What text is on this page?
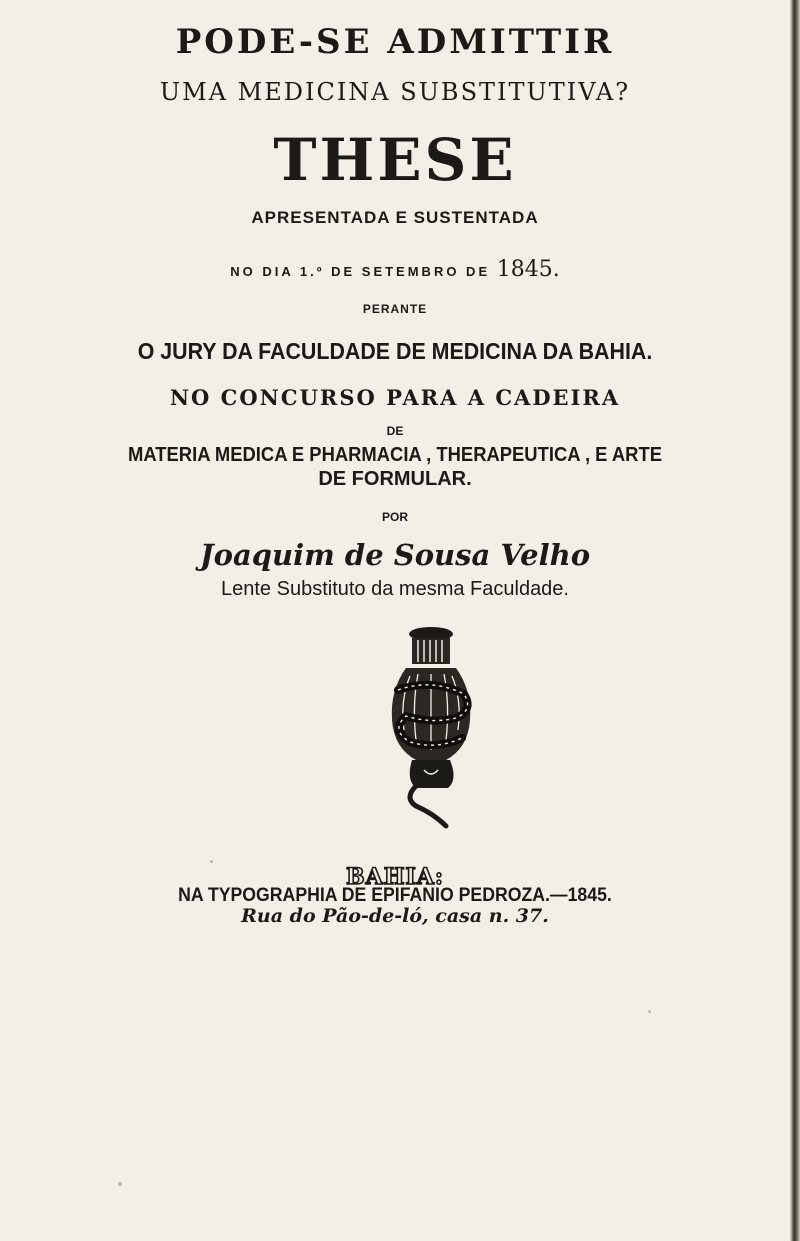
PODE-SE ADMITTIR
UMA MEDICINA SUBSTITUTIVA?
THESE
APRESENTADA E SUSTENTADA
NO DIA 1.º DE SETEMBRO DE 1845.
PERANTE
O JURY DA FACULDADE DE MEDICINA DA BAHIA.
NO CONCURSO PARA A CADEIRA
DE
MATERIA MEDICA E PHARMACIA , THERAPEUTICA , E ARTE
DE FORMULAR.
POR
Joaquim de Sousa Velho
Lente Substituto da mesma Faculdade.
BAHIA:
NA TYPOGRAPHIA DE EPIFANIO PEDROZA.—1845.
Rua do Pão-de-ló, casa n. 37.
